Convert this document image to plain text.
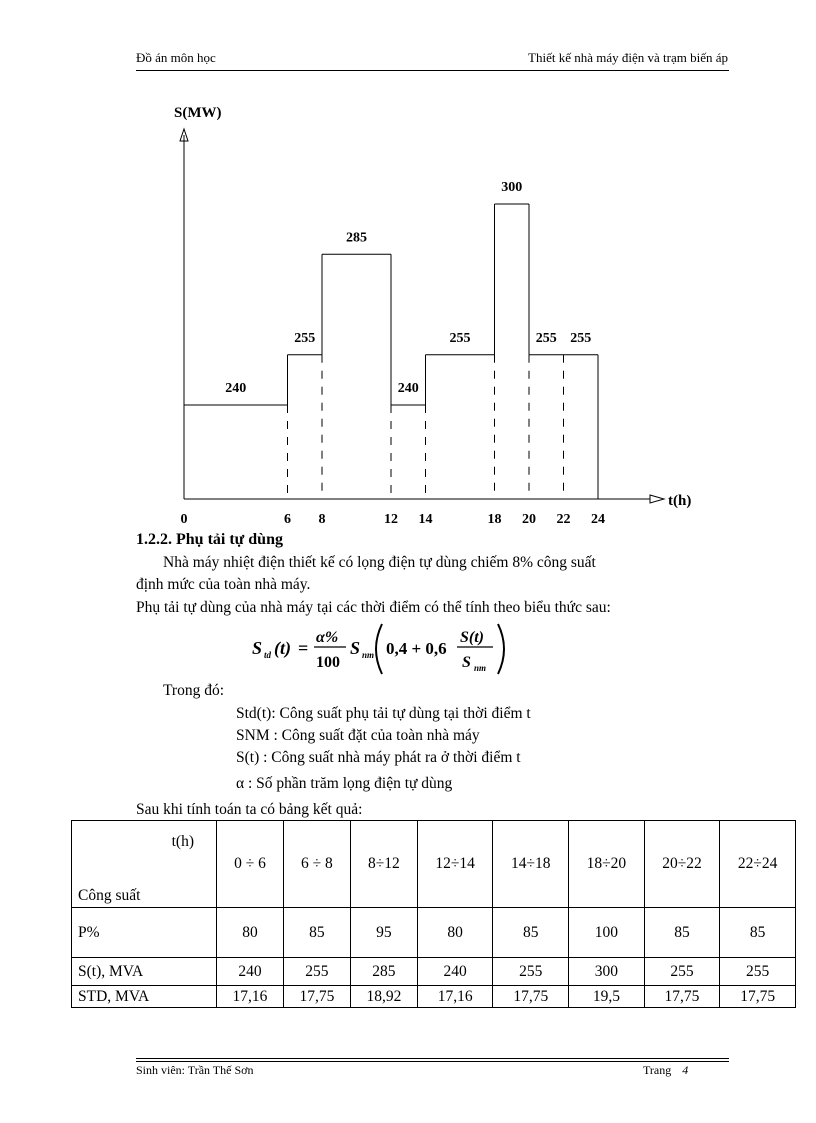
Đồ án môn học	Thiết kế nhà máy điện và trạm biến áp
S(MW)
t(h)
240
255
285
240
255
300
255 255
0	6 8	12 14	18 20 22 24
1.2.2. Phụ tải tự dùng
Nhà máy nhiệt điện thiết kế có lọng điện tự dùng chiếm 8% công suất
định mức của toàn nhà máy.
Phụ tải tự dùng của nhà máy tại các thời điểm có thể tính theo biểu thức sau:
S td (t) =
α%
100
S nm 0,4 + 0,6
S(t)
S nm
Trong đó:
Std(t): Công suất phụ tải tự dùng tại thời điểm t
SNM : Công suất đặt của toàn nhà máy
S(t) : Công suất nhà máy phát ra ở thời điểm t
α : Số phần trăm lọng điện tự dùng
Sau khi tính toán ta có bảng kết quả:
t(h)
Công suất	0 ÷ 6	6 ÷ 8	8÷12	12÷14	14÷18	18÷20	20÷22	22÷24
P%	80	85	95	80	85	100	85	85
S(t), MVA	240	255	285	240	255	300	255	255
STD, MVA	17,16	17,75	18,92	17,16	17,75	19,5	17,75	17,75
Sinh viên: Trần Thế Sơn	Trang 4
